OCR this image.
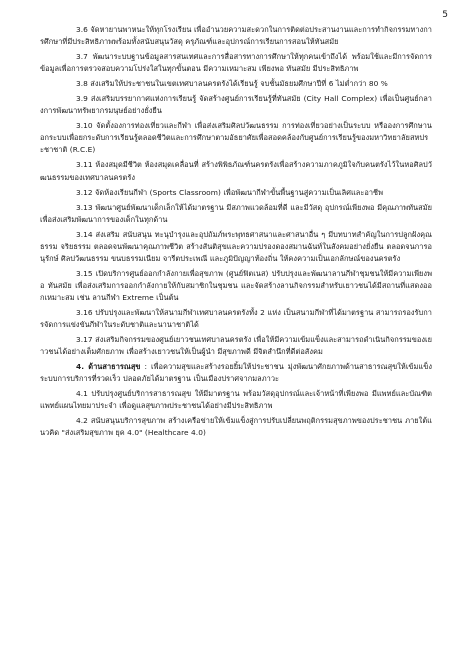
5

3.6 จัดหายานพาหนะให้ทุกโรงเรียน เพื่ออำนวยความสะดวกในการติดต่อประสานงานและการทำกิจกรรมทางการศึกษาที่มีประสิทธิภาพพร้อมทั้งสนับสนุนวัสดุ ครุภัณฑ์และอุปกรณ์การเรียนการสอนให้ทันสมัย

3.7 พัฒนาระบบฐานข้อมูลสารสนเทศและการสื่อสารทางการศึกษาให้ทุกคนเข้าถึงได้ พร้อมใช้และมีการจัดการข้อมูลเพื่อการตรวจสอบความโปร่งใสในทุกขั้นตอน มีความเหมาะสม เพียงพอ ทันสมัย มีประสิทธิภาพ

3.8 ส่งเสริมให้ประชาชนในเขตเทศบาลนครตรังได้เรียนรู้ จบชั้นมัธยมศึกษาปีที่ 6 ไม่ต่ำกว่า 80 %

3.9 ส่งเสริมบรรยากาศแห่งการเรียนรู้ จัดสร้างศูนย์การเรียนรู้ที่ทันสมัย (City Hall Complex) เพื่อเป็นศูนย์กลางการพัฒนาทรัพยากรมนุษย์อย่างยั่งยืน

3.10 จัดตั้งองการท่องเที่ยวและกีฬา เพื่อส่งเสริมศิลปวัฒนธรรม การท่องเที่ยวอย่างเป็นระบบ หรือองการศึกษานอกระบบเพื่อยกระดับการเรียนรู้ตลอดชีวิตและการศึกษาตามอัธยาศัยเพื่อสอดคล้องกับศูนย์การเรียนรู้ของมหาวิทยาลัยสหประชาชาติ (R.C.E)

3.11 ห้องสมุดมีชีวิต ห้องสมุดเคลื่อนที่ สร้างพิพิธภัณฑ์นครตรังเพื่อสร้างความภาคภูมิใจกับคนตรังไว้ในหอศิลปวัฒนธรรมของเทศบาลนครตรัง

3.12 จัดห้องเรียนกีฬา (Sports Classroom) เพื่อพัฒนากีฬาขั้นพื้นฐานสู่ความเป็นเลิศและอาชีพ

3.13 พัฒนาศูนย์พัฒนาเด็กเล็กให้ได้มาตรฐาน มีสภาพแวดล้อมที่ดี และมีวัสดุ อุปกรณ์เพียงพอ มีคุณภาพทันสมัย เพื่อส่งเสริมพัฒนาการของเด็กในทุกด้าน

3.14 ส่งเสริม สนับสนุน ทะนุบำรุงและอุปถัมภ์พระพุทธศาสนาและศาสนาอื่น ๆ มีบทบาทสำคัญในการปลูกฝังคุณธรรม จริยธรรม ตลอดจนพัฒนาคุณภาพชีวิต สร้างสันติสุขและความปรองดองสมานฉันท์ในสังคมอย่างยั่งยืน ตลอดจนการอนุรักษ์ ศิลปวัฒนธรรม ขนบธรรมเนียม จารีตประเพณี และภูมิปัญญาท้องถิ่น ให้คงความเป็นเอกลักษณ์ของนครตรัง

3.15 เปิดบริการศูนย์ออกกำลังกายเพื่อสุขภาพ (ศูนย์ฟิตเนส) ปรับปรุงและพัฒนาลานกีฬาชุมชนให้มีความเพียงพอ ทันสมัย เพื่อส่งเสริมการออกกำลังกายให้กับสมาชิกในชุมชน และจัดสร้างลานกิจกรรมสำหรับเยาวชนได้มีสถานที่แสดงออกเหมาะสม เช่น ลานกีฬา Extreme เป็นต้น

3.16 ปรับปรุงและพัฒนาให้สนามกีฬาเทศบาลนครตรังทั้ง 2 แห่ง เป็นสนามกีฬาที่ได้มาตรฐาน สามารถรองรับการจัดการแข่งขันกีฬาในระดับชาติและนานาชาติได้

3.17 ส่งเสริมกิจกรรมของศูนย์เยาวชนเทศบาลนครตรัง เพื่อให้มีความเข้มแข็งและสามารถดำเนินกิจกรรมของเยาวชนได้อย่างเต็มศักยภาพ เพื่อสร้างเยาวชนให้เป็นผู้นำ มีสุขภาพดี มีจิตสำนึกที่ดีต่อสังคม

4. ด้านสาธารณสุข : เพื่อความสุขและสร้างรอยยิ้มให้ประชาชน มุ่งพัฒนาศักยภาพด้านสาธารณสุขให้เข้มแข็ง ระบบการบริการที่รวดเร็ว ปลอดภัยได้มาตรฐาน เป็นเมืองปราศจากมลภาวะ

4.1 ปรับปรุงศูนย์บริการสาธารณสุข ให้มีมาตรฐาน พร้อมวัสดุอุปกรณ์และเจ้าหน้าที่เพียงพอ มีแพทย์และบัณฑิตแพทย์แผนไทยมาประจำ เพื่อดูแลสุขภาพประชาชนได้อย่างมีประสิทธิภาพ

4.2 สนับสนุนบริการสุขภาพ สร้างเครือข่ายให้เข้มแข็งสู่การปรับเปลี่ยนพฤติกรรมสุขภาพของประชาชน ภายใต้แนวคิด "ส่งเสริมสุขภาพ ยุค 4.0" (Healthcare 4.0)
